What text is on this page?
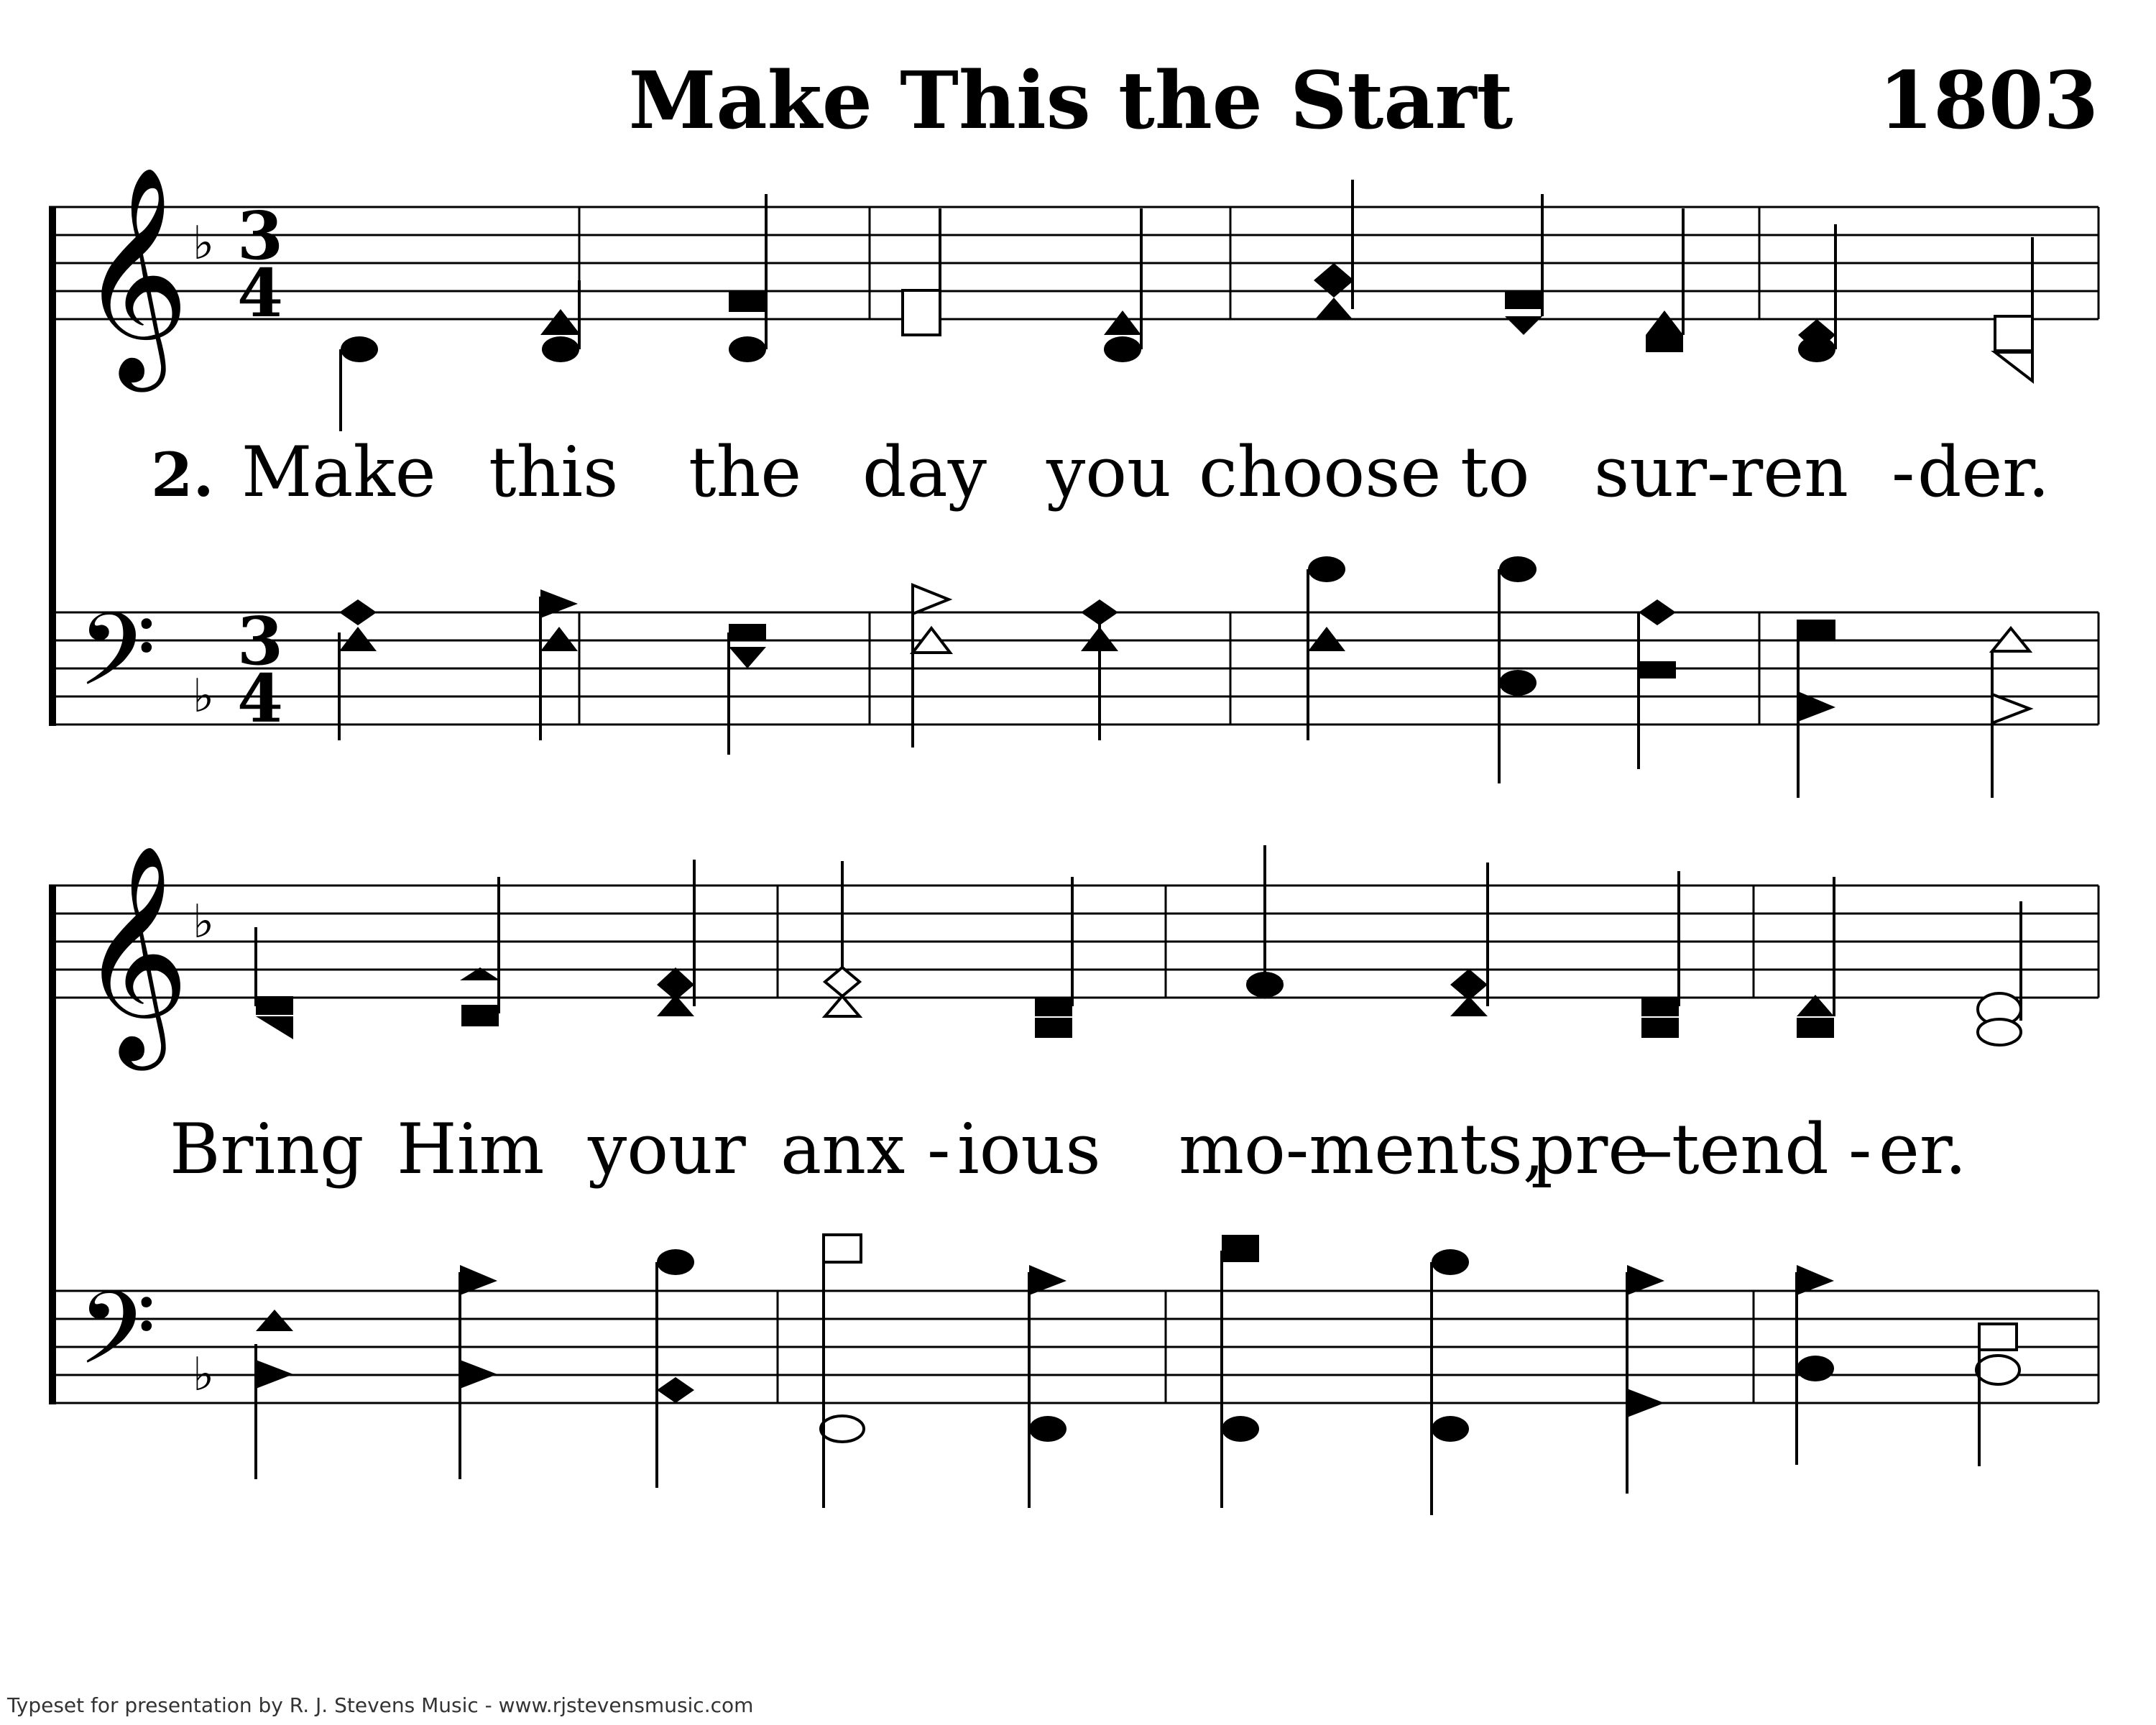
Make This the Start	1803
𝄞
𝄢
♭
♭
3
4
3
4
2. Make this the day you choose to sur-ren - der.
𝄞
𝄢
♭
♭
Bring Him your anx - ious mo-ments,
pre
–
tend - er.
Typeset for presentation by R. J. Stevens Music - www.rjstevensmusic.com
